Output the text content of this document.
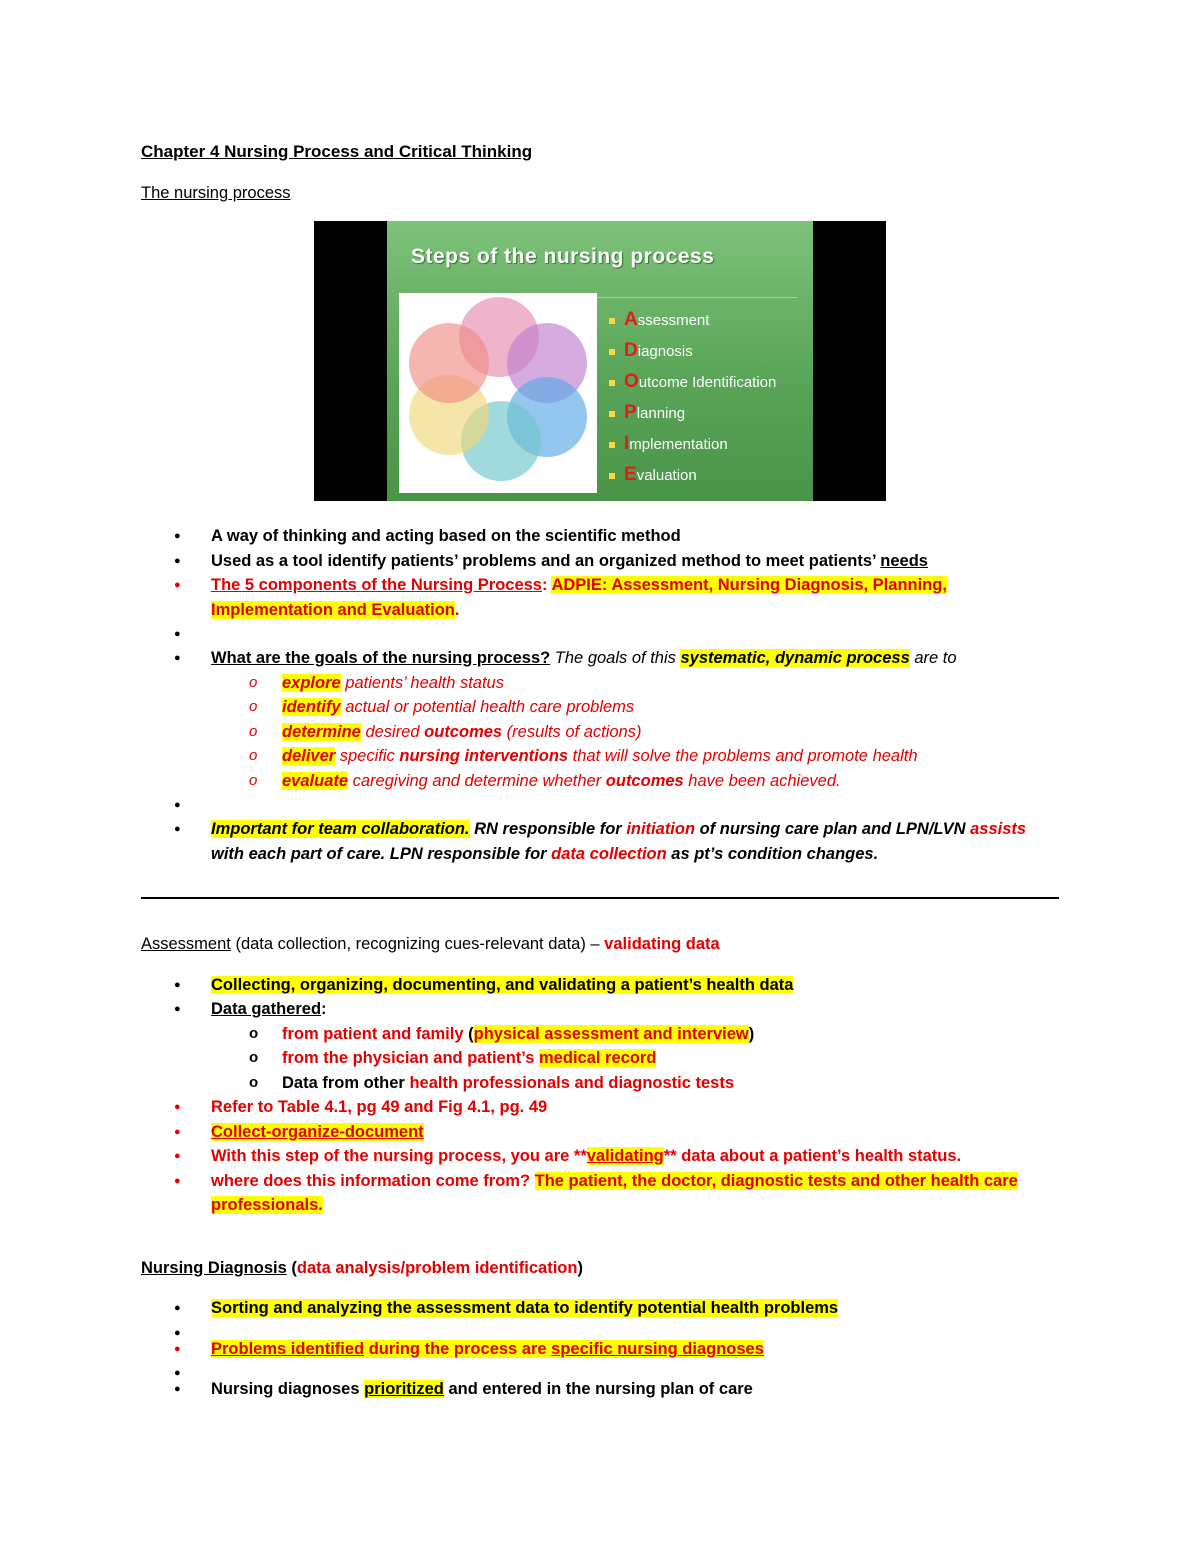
Steps of the nursing process
Assessment
Diagnosis
Outcome Identification
Planning
Implementation
Evaluation

Chapter 4 Nursing Process and Critical Thinking

The nursing process

● A way of thinking and acting based on the scientific method
● Used as a tool identify patients’ problems and an organized method to meet patients’ needs
● The 5 components of the Nursing Process: ADPIE: Assessment, Nursing Diagnosis, Planning, Implementation and Evaluation.
●
● What are the goals of the nursing process? The goals of this systematic, dynamic process are to
o explore patients’ health status
o identify actual or potential health care problems
o determine desired outcomes (results of actions)
o deliver specific nursing interventions that will solve the problems and promote health
o evaluate caregiving and determine whether outcomes have been achieved.
●
● Important for team collaboration. RN responsible for initiation of nursing care plan and LPN/LVN assists with each part of care. LPN responsible for data collection as pt’s condition changes.

Assessment (data collection, recognizing cues-relevant data) – validating data

● Collecting, organizing, documenting, and validating a patient’s health data
● Data gathered:
o from patient and family (physical assessment and interview)
o from the physician and patient’s medical record
o Data from other health professionals and diagnostic tests
● Refer to Table 4.1, pg 49 and Fig 4.1, pg. 49
● Collect-organize-document
● With this step of the nursing process, you are **validating** data about a patient’s health status.
● where does this information come from? The patient, the doctor, diagnostic tests and other health care professionals.

Nursing Diagnosis (data analysis/problem identification)

● Sorting and analyzing the assessment data to identify potential health problems
●
● Problems identified during the process are specific nursing diagnoses
●
● Nursing diagnoses prioritized and entered in the nursing plan of care
